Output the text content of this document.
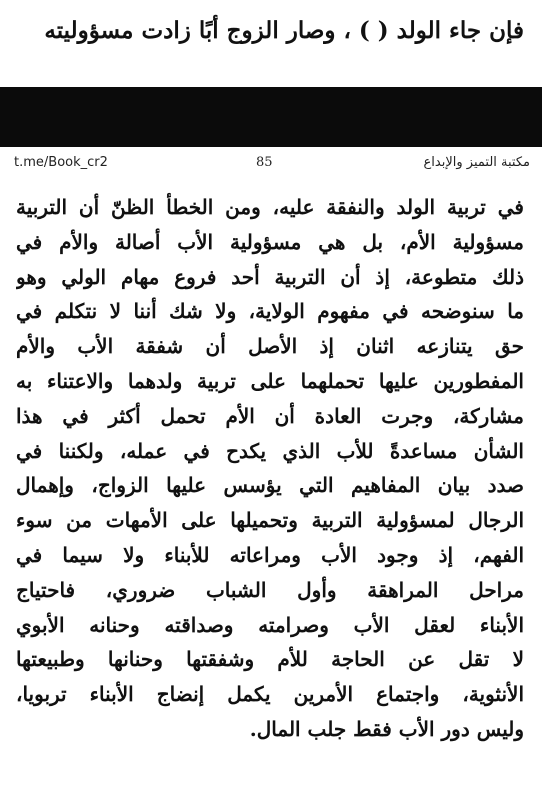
فإن جاء الولد ( ) ، وصار الزوج أبًا زادت مسؤوليته
t.me/Book_cr2	85	مكتبة التميز والإبداع
في تربية الولد والنفقة عليه، ومن الخطأ الظنّ أن التربية
مسؤولية الأم، بل هي مسؤولية الأب أصالة والأم في
ذلك متطوعة، إذ أن التربية أحد فروع مهام الولي وهو
ما سنوضحه في مفهوم الولاية، ولا شك أننا لا نتكلم في
حق يتنازعه اثنان إذ الأصل أن شفقة الأب والأم
المفطورين عليها تحملهما على تربية ولدهما والاعتناء به
مشاركة، وجرت العادة أن الأم تحمل أكثر في هذا
الشأن مساعدةً للأب الذي يكدح في عمله، ولكننا في
صدد بيان المفاهيم التي يؤسس عليها الزواج، وإهمال
الرجال لمسؤولية التربية وتحميلها على الأمهات من سوء
الفهم، إذ وجود الأب ومراعاته للأبناء ولا سيما في
مراحل المراهقة وأول الشباب ضروري، فاحتياج
الأبناء لعقل الأب وصرامته وصداقته وحنانه الأبوي
لا تقل عن الحاجة للأم وشفقتها وحنانها وطبيعتها
الأنثوية، واجتماع الأمرين يكمل إنضاج الأبناء تربويا،
وليس دور الأب فقط جلب المال.
